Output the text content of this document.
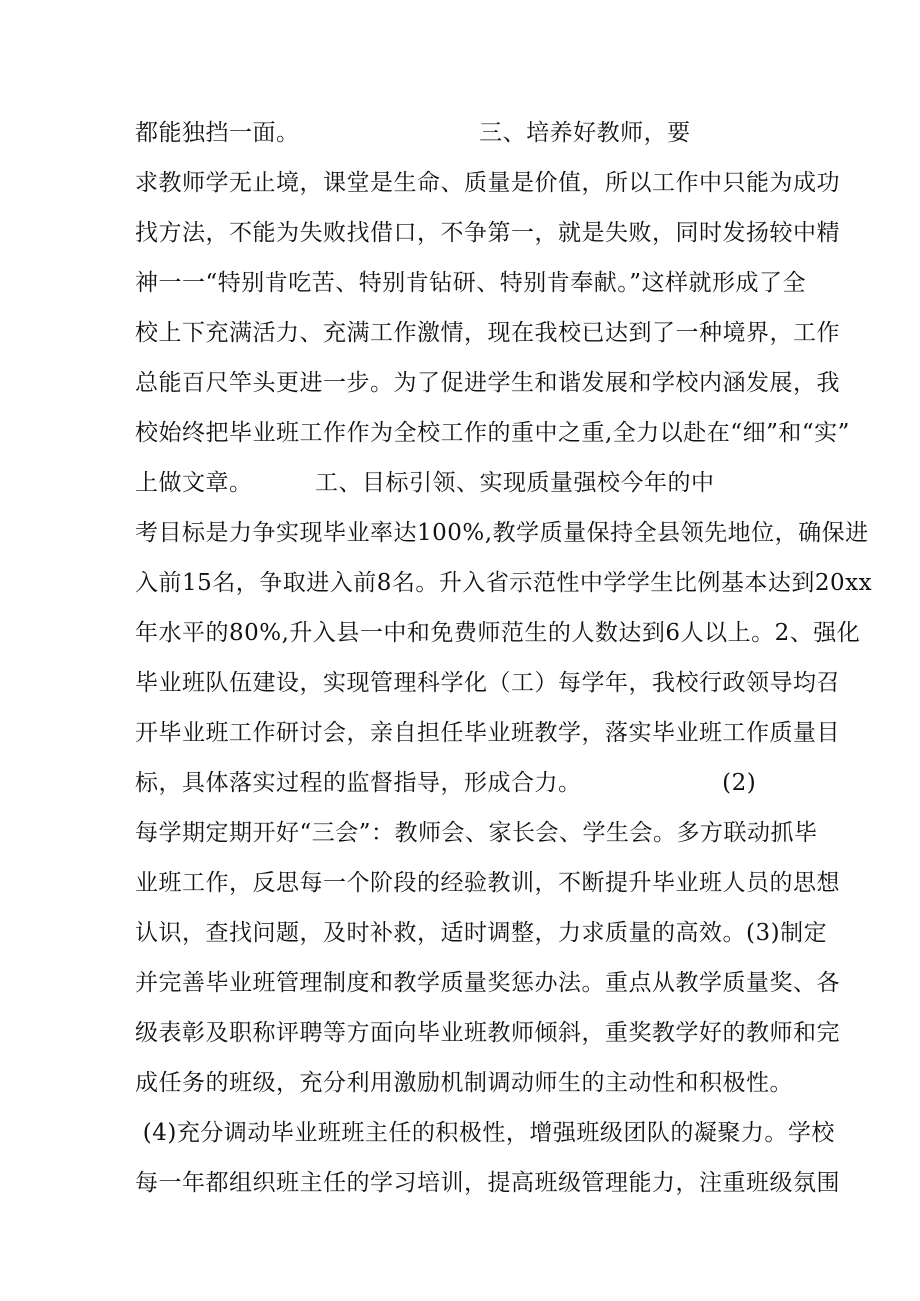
都能独挡一面。                       三、培养好教师，要
求教师学无止境，课堂是生命、质量是价值，所以工作中只能为成功
找方法，不能为失败找借口，不争第一，就是失败，同时发扬较中精
神一一“特别肯吃苦、特别肯钻研、特别肯奉献。”这样就形成了全
校上下充满活力、充满工作激情，现在我校已达到了一种境界，工作
总能百尺竿头更进一步。为了促进学生和谐发展和学校内涵发展，我
校始终把毕业班工作作为全校工作的重中之重,全力以赴在“细”和“实”
上做文章。        工、目标引领、实现质量强校今年的中
考目标是力争实现毕业率达100%,教学质量保持全县领先地位，确保进
入前15名，争取进入前8名。升入省示范性中学学生比例基本达到20xx
年水平的80%,升入县一中和免费师范生的人数达到6人以上。2、强化
毕业班队伍建设，实现管理科学化（工）每学年，我校行政领导均召
开毕业班工作研讨会，亲自担任毕业班教学，落实毕业班工作质量目
标，具体落实过程的监督指导，形成合力。                  (2)
每学期定期开好“三会”：教师会、家长会、学生会。多方联动抓毕
业班工作，反思每一个阶段的经验教训，不断提升毕业班人员的思想
认识，查找问题，及时补救，适时调整，力求质量的高效。(3)制定
并完善毕业班管理制度和教学质量奖惩办法。重点从教学质量奖、各
级表彰及职称评聘等方面向毕业班教师倾斜，重奖教学好的教师和完
成任务的班级，充分利用激励机制调动师生的主动性和积极性。
(4)充分调动毕业班班主任的积极性，增强班级团队的凝聚力。学校
每一年都组织班主任的学习培训，提高班级管理能力，注重班级氛围
